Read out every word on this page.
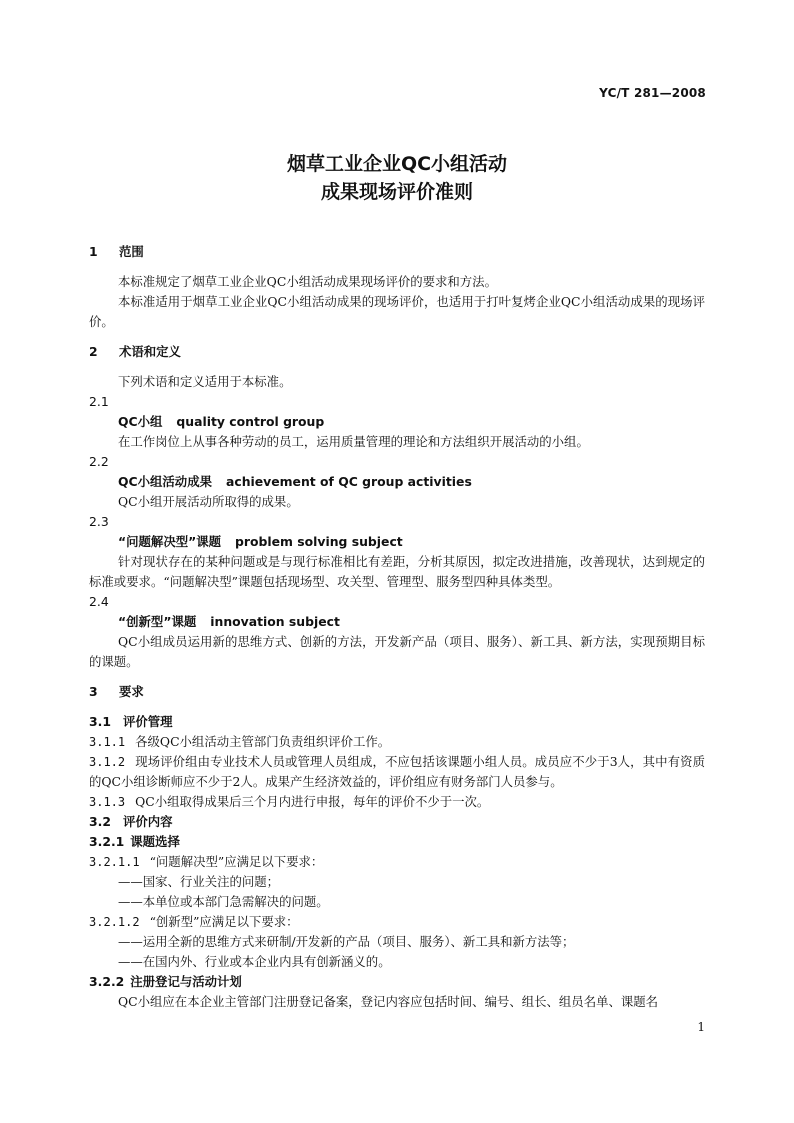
YC/T 281—2008
烟草工业企业QC小组活动
成果现场评价准则

1 范围

本标准规定了烟草工业企业QC小组活动成果现场评价的要求和方法。

本标准适用于烟草工业企业QC小组活动成果的现场评价，也适用于打叶复烤企业QC小组活动成果的现场评价。

2 术语和定义

下列术语和定义适用于本标准。

2.1

QC小组 quality control group

在工作岗位上从事各种劳动的员工，运用质量管理的理论和方法组织开展活动的小组。

2.2

QC小组活动成果 achievement of QC group activities

QC小组开展活动所取得的成果。

2.3

“问题解决型”课题 problem solving subject

针对现状存在的某种问题或是与现行标准相比有差距，分析其原因，拟定改进措施，改善现状，达到规定的标准或要求。“问题解决型”课题包括现场型、攻关型、管理型、服务型四种具体类型。

2.4

“创新型”课题 innovation subject

QC小组成员运用新的思维方式、创新的方法，开发新产品（项目、服务）、新工具、新方法，实现预期目标的课题。

3 要求

3.1 评价管理

3.1.1 各级QC小组活动主管部门负责组织评价工作。

3.1.2 现场评价组由专业技术人员或管理人员组成，不应包括该课题小组人员。成员应不少于3人，其中有资质的QC小组诊断师应不少于2人。成果产生经济效益的，评价组应有财务部门人员参与。

3.1.3 QC小组取得成果后三个月内进行申报，每年的评价不少于一次。

3.2 评价内容

3.2.1 课题选择

3.2.1.1 “问题解决型”应满足以下要求：

——国家、行业关注的问题；

——本单位或本部门急需解决的问题。

3.2.1.2 “创新型”应满足以下要求：

——运用全新的思维方式来研制/开发新的产品（项目、服务）、新工具和新方法等；

——在国内外、行业或本企业内具有创新涵义的。

3.2.2 注册登记与活动计划

QC小组应在本企业主管部门注册登记备案，登记内容应包括时间、编号、组长、组员名单、课题名

1
